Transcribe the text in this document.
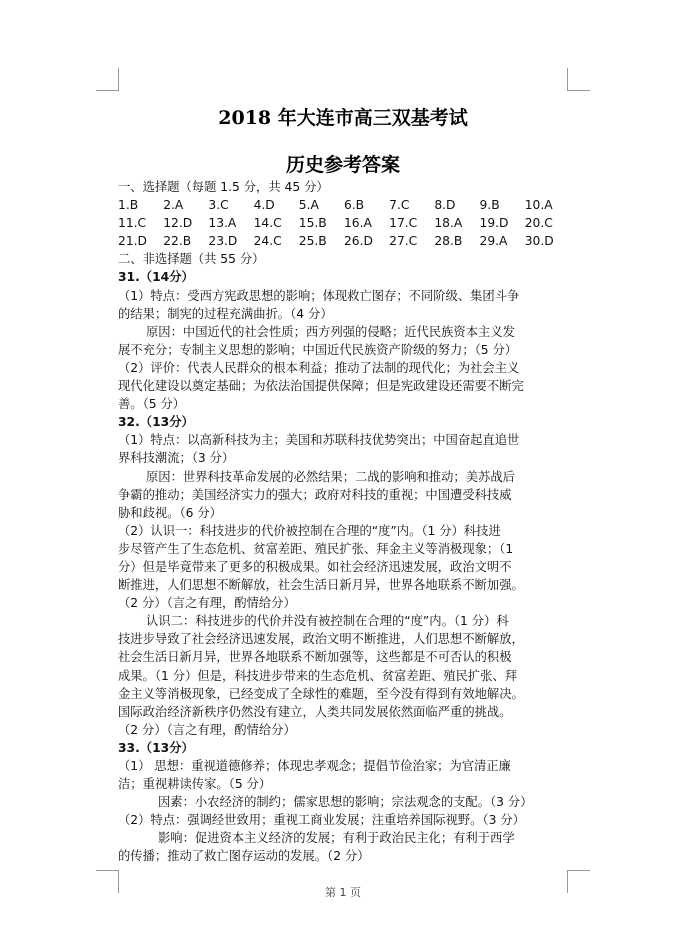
2018 年大连市高三双基考试
历史参考答案
一、选择题（每题 1.5 分，共 45 分）
1.B	2.A	3.C	4.D	5.A	6.B	7.C	8.D	9.B	10.A
11.C	12.D	13.A	14.C	15.B	16.A	17.C	18.A	19.D	20.C
21.D	22.B	23.D	24.C	25.B	26.D	27.C	28.B	29.A	30.D
二、非选择题（共 55 分）
31.（14分）
（1）特点：受西方宪政思想的影响；体现救亡图存；不同阶级、集团斗争
的结果；制宪的过程充满曲折。（4 分）
原因：中国近代的社会性质；西方列强的侵略；近代民族资本主义发
展不充分；专制主义思想的影响；中国近代民族资产阶级的努力；（5 分）
（2）评价：代表人民群众的根本利益；推动了法制的现代化；为社会主义
现代化建设以奠定基础；为依法治国提供保障；但是宪政建设还需要不断完
善。（5 分）
32.（13分）
（1）特点：以高新科技为主；美国和苏联科技优势突出；中国奋起直追世
界科技潮流；（3 分）
原因：世界科技革命发展的必然结果；二战的影响和推动；美苏战后
争霸的推动；美国经济实力的强大；政府对科技的重视；中国遭受科技威
胁和歧视。（6 分）
（2）认识一：科技进步的代价被控制在合理的“度”内。（1 分）科技进
步尽管产生了生态危机、贫富差距、殖民扩张、拜金主义等消极现象；（1
分）但是毕竟带来了更多的积极成果。如社会经济迅速发展，政治文明不
断推进，人们思想不断解放，社会生活日新月异，世界各地联系不断加强。
（2 分）（言之有理，酌情给分）
认识二：科技进步的代价并没有被控制在合理的“度”内。（1 分）科
技进步导致了社会经济迅速发展，政治文明不断推进，人们思想不断解放，
社会生活日新月异，世界各地联系不断加强等，这些都是不可否认的积极
成果。（1 分）但是，科技进步带来的生态危机、贫富差距、殖民扩张、拜
金主义等消极现象，已经变成了全球性的难题，至今没有得到有效地解决。
国际政治经济新秩序仍然没有建立，人类共同发展依然面临严重的挑战。
（2 分）（言之有理，酌情给分）
33.（13分）
（1） 思想：重视道德修养；体现忠孝观念；提倡节俭治家；为官清正廉
洁；重视耕读传家。（5 分）
因素：小农经济的制约；儒家思想的影响；宗法观念的支配。（3 分）
（2）特点：强调经世致用；重视工商业发展；注重培养国际视野。（3 分）
影响：促进资本主义经济的发展；有利于政治民主化；有利于西学
的传播；推动了救亡图存运动的发展。（2 分）
第 1 页
